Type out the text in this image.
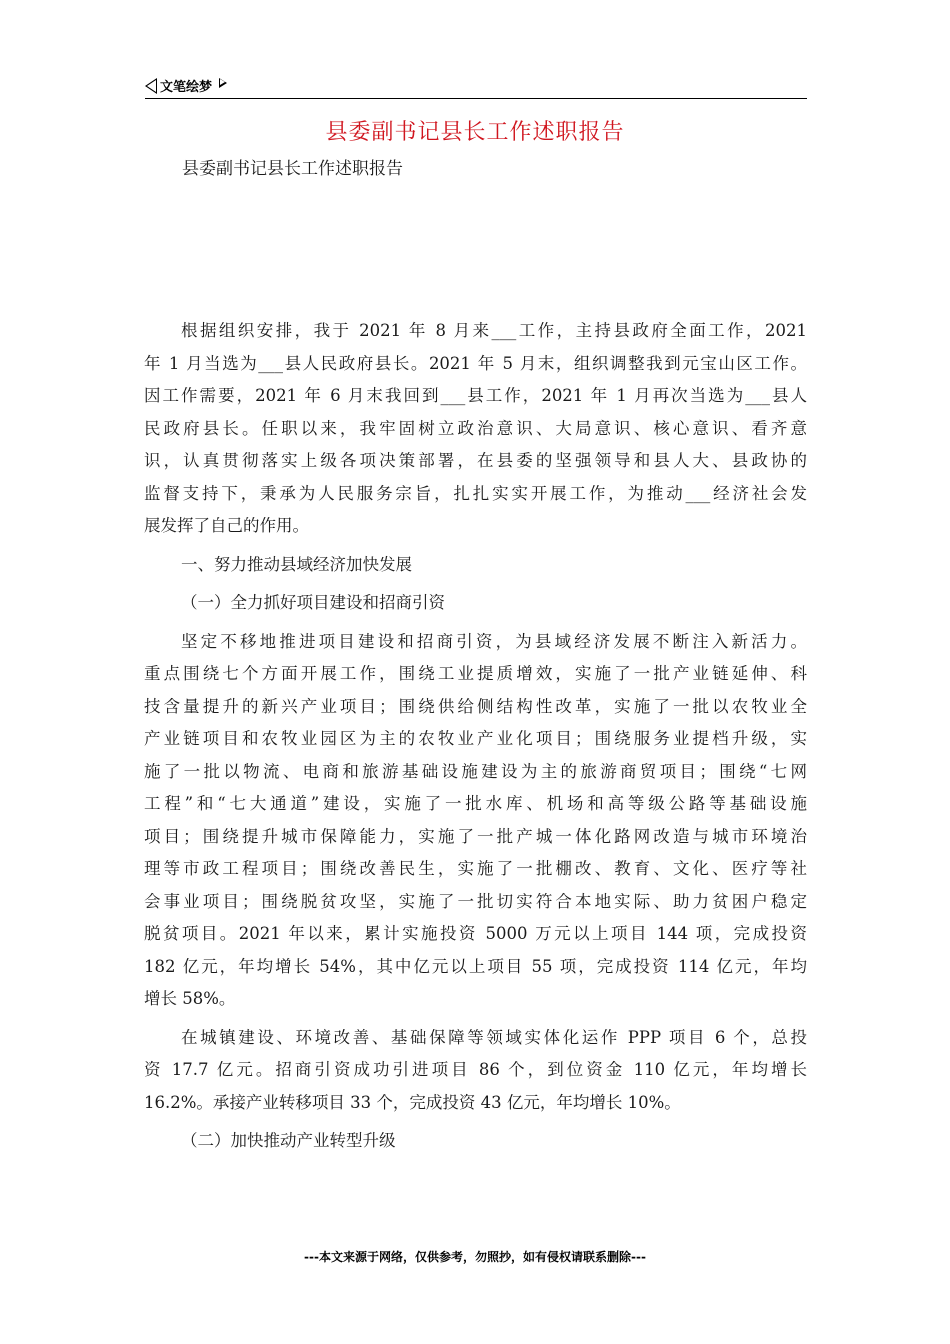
文笔绘梦
县委副书记县长工作述职报告
县委副书记县长工作述职报告
根据组织安排，我于 2021 年 8 月来___工作，主持县政府全面工作，2021
年 1 月当选为___县人民政府县长。2021 年 5 月末，组织调整我到元宝山区工作。
因工作需要，2021 年 6 月末我回到___县工作，2021 年 1 月再次当选为___县人
民政府县长。任职以来，我牢固树立政治意识、大局意识、核心意识、看齐意
识，认真贯彻落实上级各项决策部署，在县委的坚强领导和县人大、县政协的
监督支持下，秉承为人民服务宗旨，扎扎实实开展工作，为推动___经济社会发
展发挥了自己的作用。
一、努力推动县域经济加快发展
（一）全力抓好项目建设和招商引资
坚定不移地推进项目建设和招商引资，为县域经济发展不断注入新活力。
重点围绕七个方面开展工作，围绕工业提质增效，实施了一批产业链延伸、科
技含量提升的新兴产业项目；围绕供给侧结构性改革，实施了一批以农牧业全
产业链项目和农牧业园区为主的农牧业产业化项目；围绕服务业提档升级，实
施了一批以物流、电商和旅游基础设施建设为主的旅游商贸项目；围绕“七网
工程”和“七大通道”建设，实施了一批水库、机场和高等级公路等基础设施
项目；围绕提升城市保障能力，实施了一批产城一体化路网改造与城市环境治
理等市政工程项目；围绕改善民生，实施了一批棚改、教育、文化、医疗等社
会事业项目；围绕脱贫攻坚，实施了一批切实符合本地实际、助力贫困户稳定
脱贫项目。2021 年以来，累计实施投资 5000 万元以上项目 144 项，完成投资
182 亿元，年均增长 54%，其中亿元以上项目 55 项，完成投资 114 亿元，年均
增长 58%。
在城镇建设、环境改善、基础保障等领域实体化运作 PPP 项目 6 个，总投
资 17.7 亿元。招商引资成功引进项目 86 个，到位资金 110 亿元，年均增长
16.2%。承接产业转移项目 33 个，完成投资 43 亿元，年均增长 10%。
（二）加快推动产业转型升级
---本文来源于网络，仅供参考，勿照抄，如有侵权请联系删除---
